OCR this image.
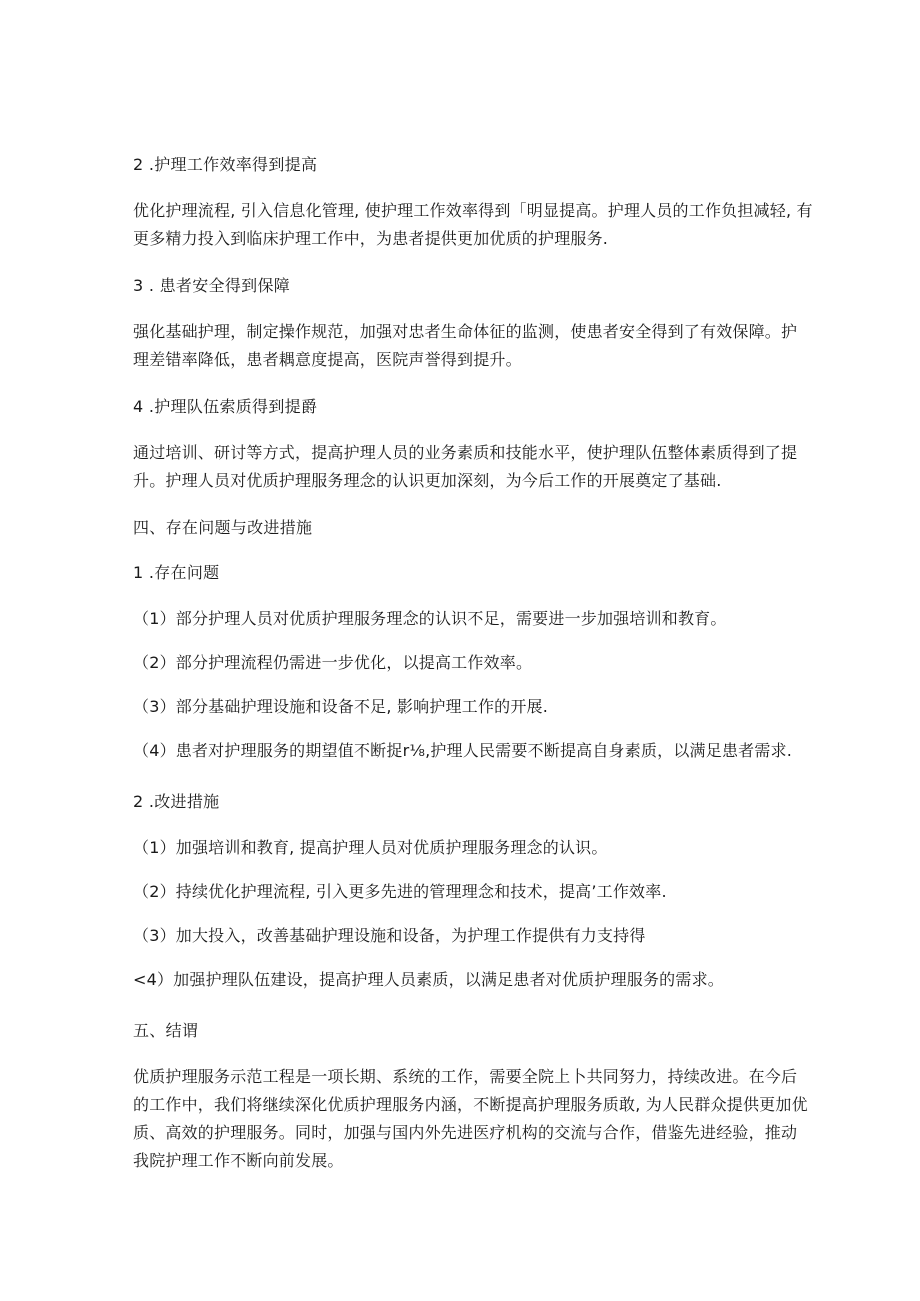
2 .护理工作效率得到提高
优化护理流程, 引入信息化管理, 使护理工作效率得到「明显提高。护理人员的工作负担减轻, 有更多精力投入到临床护理工作中，为患者提供更加优质的护理服务.
3 . 患者安全得到保障
强化基础护理，制定操作规范，加强对忠者生命体征的监测，使患者安全得到了有效保障。护理差错率降低，患者耦意度提高，医院声誉得到提升。
4 .护理队伍索质得到提爵
通过培训、研讨等方式，提高护理人员的业务素质和技能水平，使护理队伍整体素质得到了提升。护理人员对优质护理服务理念的认识更加深刻，为今后工作的开展奠定了基础.
四、存在问题与改进措施
1 .存在问题
（1）部分护理人员对优质护理服务理念的认识不足，需要进一步加强培训和教育。
（2）部分护理流程仍需进一步优化，以提高工作效率。
（3）部分基础护理设施和设备不足, 影响护理工作的开展.
（4）患者对护理服务的期望值不断捉r⅛,护理人民需要不断提高自身素质，以满足患者需求.
2 .改进措施
（1）加强培训和教育, 提高护理人员对优质护理服务理念的认识。
（2）持续优化护理流程, 引入更多先进的管理理念和技术，提高’工作效率.
（3）加大投入，改善基础护理设施和设备，为护理工作提供有力支持得
<4）加强护理队伍建设，提高护理人员素质，以满足患者对优质护理服务的需求。
五、结谓
优质护理服务示范工程是一项长期、系统的工作，需要全院上卜共同努力，持续改进。在今后的工作中，我们将继续深化优质护理服务内涵，不断提高护理服务质敢, 为人民群众提供更加优质、高效的护理服务。同时，加强与国内外先进医疗机构的交流与合作，借鉴先进经验，推动我院护理工作不断向前发展。
